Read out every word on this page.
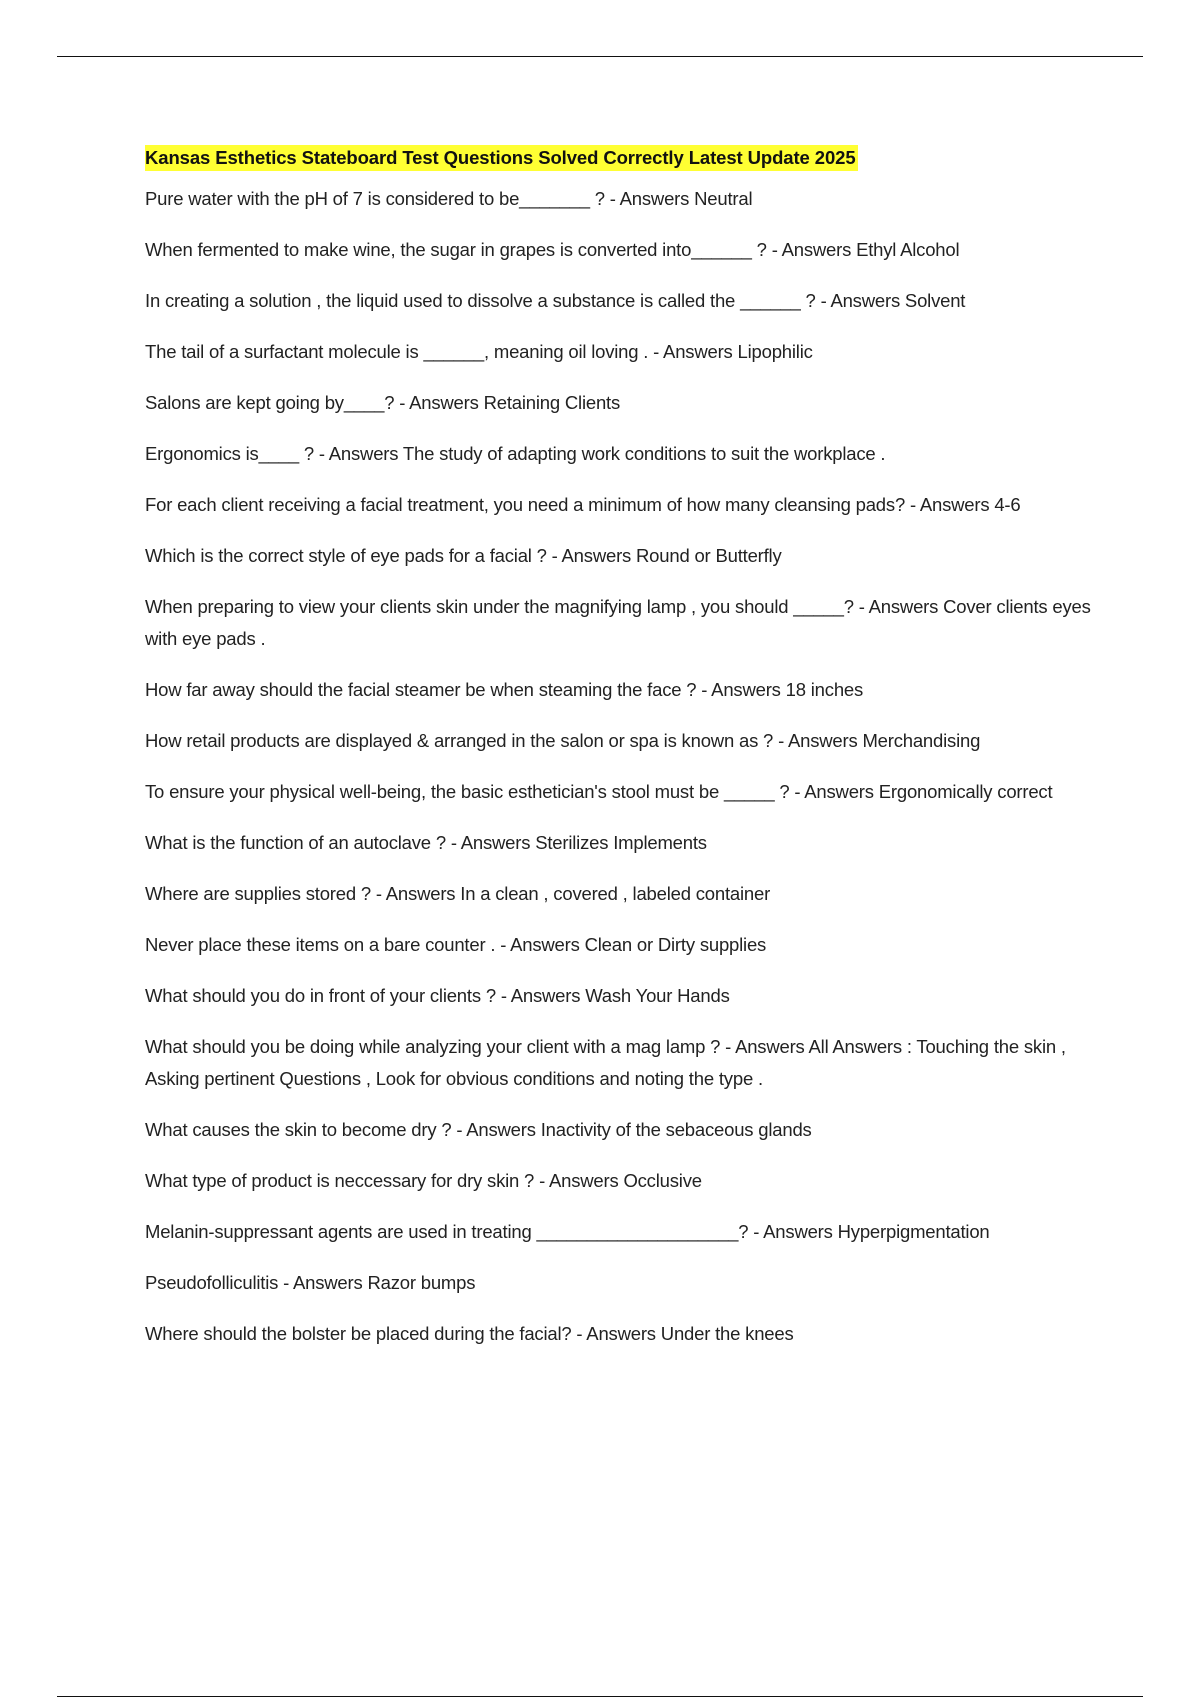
Kansas Esthetics Stateboard Test Questions Solved Correctly Latest Update 2025
Pure water with the pH of 7 is considered to be_______ ? - Answers Neutral
When fermented to make wine, the sugar in grapes is converted into______ ? - Answers Ethyl Alcohol
In creating a solution , the liquid used to dissolve a substance is called the ______ ? - Answers Solvent
The tail of a surfactant molecule is ______, meaning oil loving . - Answers Lipophilic
Salons are kept going by____? - Answers Retaining Clients
Ergonomics is____ ? - Answers The study of adapting work conditions to suit the workplace .
For each client receiving a facial treatment, you need a minimum of how many cleansing pads? - Answers 4-6
Which is the correct style of eye pads for a facial ? - Answers Round or Butterfly
When preparing to view your clients skin under the magnifying lamp , you should _____? - Answers Cover clients eyes with eye pads .
How far away should the facial steamer be when steaming the face ? - Answers 18 inches
How retail products are displayed & arranged in the salon or spa is known as ? - Answers Merchandising
To ensure your physical well-being, the basic esthetician's stool must be _____ ? - Answers Ergonomically correct
What is the function of an autoclave ? - Answers Sterilizes Implements
Where are supplies stored ? - Answers In a clean , covered , labeled container
Never place these items on a bare counter . - Answers Clean or Dirty supplies
What should you do in front of your clients ? - Answers Wash Your Hands
What should you be doing while analyzing your client with a mag lamp ? - Answers All Answers : Touching the skin , Asking pertinent Questions , Look for obvious conditions and noting the type .
What causes the skin to become dry ? - Answers Inactivity of the sebaceous glands
What type of product is neccessary for dry skin ? - Answers Occlusive
Melanin-suppressant agents are used in treating ____________________? - Answers Hyperpigmentation
Pseudofolliculitis - Answers Razor bumps
Where should the bolster be placed during the facial? - Answers Under the knees
